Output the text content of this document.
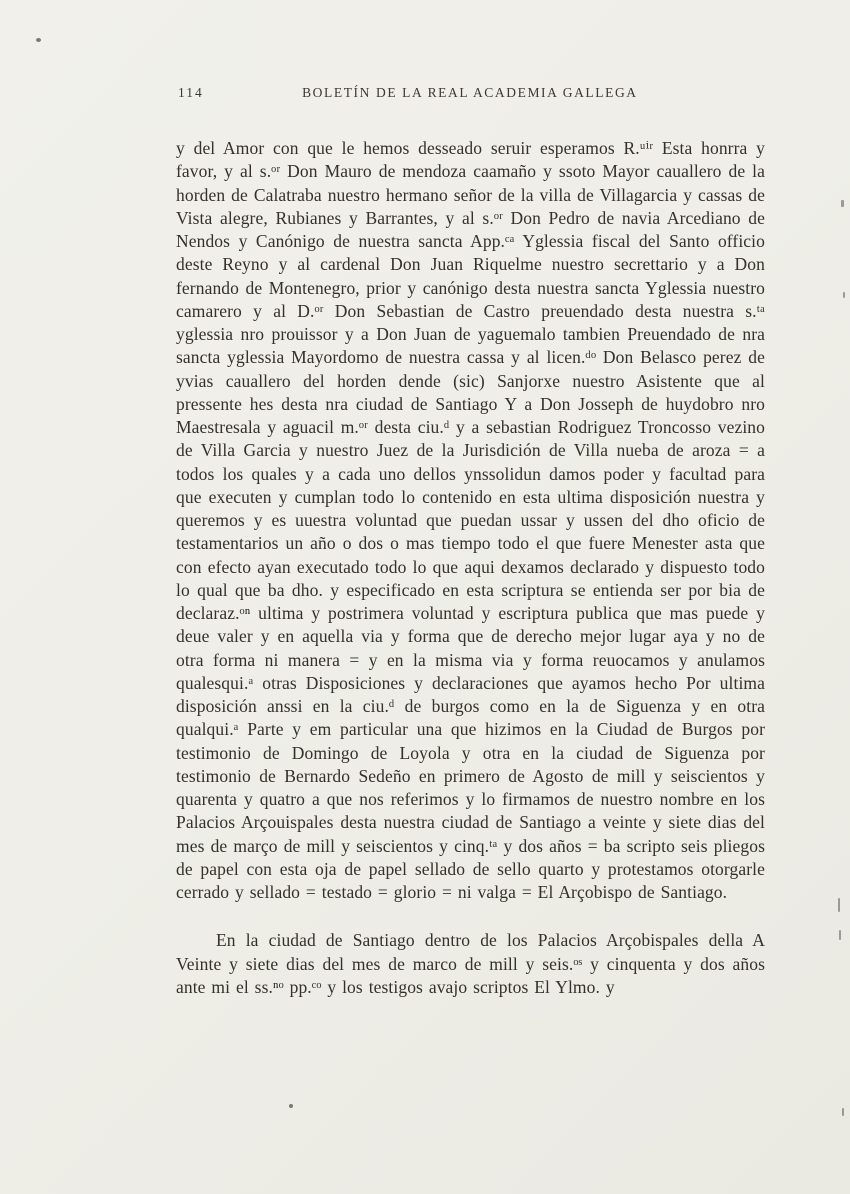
114	BOLETÍN DE LA REAL ACADEMIA GALLEGA

y del Amor con que le hemos desseado seruir esperamos R.ᵘⁱʳ Esta honrra y favor, y al s.ᵒʳ Don Mauro de mendoza caamaño y ssoto Mayor cauallero de la horden de Calatraba nuestro hermano señor de la villa de Villagarcia y cassas de Vista alegre, Rubianes y Barrantes, y al s.ᵒʳ Don Pedro de navia Arcediano de Nendos y Canónigo de nuestra sancta App.ᶜᵃ Yglessia fiscal del Santo officio deste Reyno y al cardenal Don Juan Riquelme nuestro secrettario y a Don fernando de Montenegro, prior y canónigo desta nuestra sancta Yglessia nuestro camarero y al D.ᵒʳ Don Sebastian de Castro preuendado desta nuestra s.ᵗᵃ yglessia nro prouissor y a Don Juan de yaguemalo tambien Preuendado de nra sancta yglessia Mayordomo de nuestra cassa y al licen.ᵈᵒ Don Belasco perez de yvias cauallero del horden dende (sic) Sanjorxe nuestro Asistente que al pressente hes desta nra ciudad de Santiago Y a Don Josseph de huydobro nro Maestresala y aguacil m.ᵒʳ desta ciu.ᵈ y a sebastian Rodriguez Troncosso vezino de Villa Garcia y nuestro Juez de la Jurisdición de Villa nueba de aroza = a todos los quales y a cada uno dellos ynssolidun damos poder y facultad para que executen y cumplan todo lo contenido en esta ultima disposición nuestra y queremos y es uuestra voluntad que puedan ussar y ussen del dho oficio de testamentarios un año o dos o mas tiempo todo el que fuere Menester asta que con efecto ayan executado todo lo que aqui dexamos declarado y dispuesto todo lo qual que ba dho. y especificado en esta scriptura se entienda ser por bia de declaraz.ᵒⁿ ultima y postrimera voluntad y escriptura publica que mas puede y deue valer y en aquella via y forma que de derecho mejor lugar aya y no de otra forma ni manera = y en la misma via y forma reuocamos y anulamos qualesqui.ᵃ otras Disposiciones y declaraciones que ayamos hecho Por ultima disposición anssi en la ciu.ᵈ de burgos como en la de Siguenza y en otra qualqui.ᵃ Parte y em particular una que hizimos en la Ciudad de Burgos por testimonio de Domingo de Loyola y otra en la ciudad de Siguenza por testimonio de Bernardo Sedeño en primero de Agosto de mill y seiscientos y quarenta y quatro a que nos referimos y lo firmamos de nuestro nombre en los Palacios Arçouispales desta nuestra ciudad de Santiago a veinte y siete dias del mes de março de mill y seiscientos y cinq.ᵗᵃ y dos años = ba scripto seis pliegos de papel con esta oja de papel sellado de sello quarto y protestamos otorgarle cerrado y sellado = testado = glorio = ni valga = El Arçobispo de Santiago.

En la ciudad de Santiago dentro de los Palacios Arçobispales della A Veinte y siete dias del mes de marco de mill y seis.ᵒˢ y cinquenta y dos años ante mi el ss.ⁿᵒ pp.ᶜᵒ y los testigos avajo scriptos El Ylmo. y
